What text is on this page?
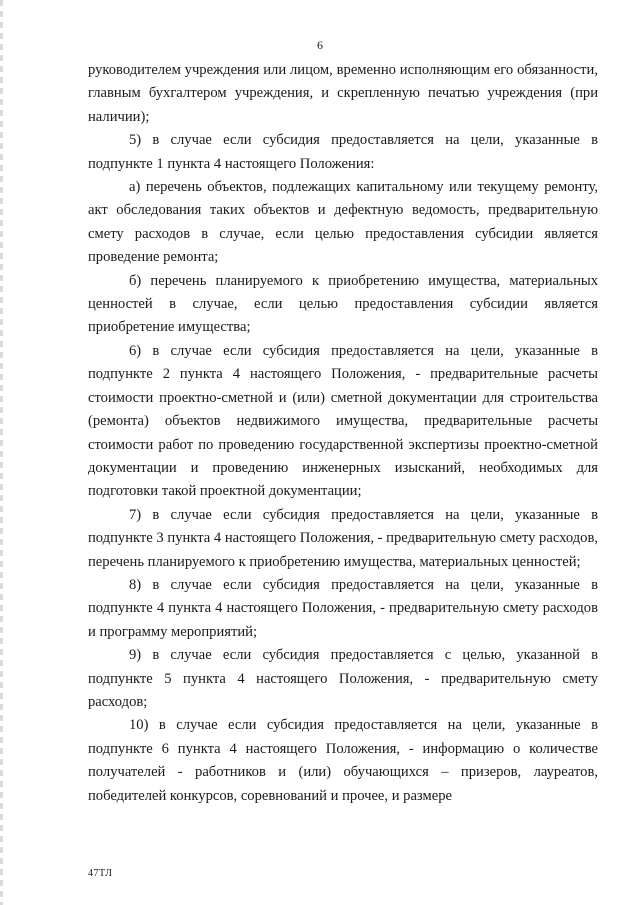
6

руководителем учреждения или лицом, временно исполняющим его обязанности, главным бухгалтером учреждения, и скрепленную печатью учреждения (при наличии);

5) в случае если субсидия предоставляется на цели, указанные в подпункте 1 пункта 4 настоящего Положения:

а) перечень объектов, подлежащих капитальному или текущему ремонту, акт обследования таких объектов и дефектную ведомость, предварительную смету расходов в случае, если целью предоставления субсидии является проведение ремонта;

б) перечень планируемого к приобретению имущества, материальных ценностей в случае, если целью предоставления субсидии является приобретение имущества;

6) в случае если субсидия предоставляется на цели, указанные в подпункте 2 пункта 4 настоящего Положения, - предварительные расчеты стоимости проектно-сметной и (или) сметной документации для строительства (ремонта) объектов недвижимого имущества, предварительные расчеты стоимости работ по проведению государственной экспертизы проектно-сметной документации и проведению инженерных изысканий, необходимых для подготовки такой проектной документации;

7) в случае если субсидия предоставляется на цели, указанные в подпункте 3 пункта 4 настоящего Положения, - предварительную смету расходов, перечень планируемого к приобретению имущества, материальных ценностей;

8) в случае если субсидия предоставляется на цели, указанные в подпункте 4 пункта 4 настоящего Положения, - предварительную смету расходов и программу мероприятий;

9) в случае если субсидия предоставляется с целью, указанной в подпункте 5 пункта 4 настоящего Положения, - предварительную смету расходов;

10) в случае если субсидия предоставляется на цели, указанные в подпункте 6 пункта 4 настоящего Положения, - информацию о количестве получателей - работников и (или) обучающихся – призеров, лауреатов, победителей конкурсов, соревнований и прочее, и размере

47ТЛ
